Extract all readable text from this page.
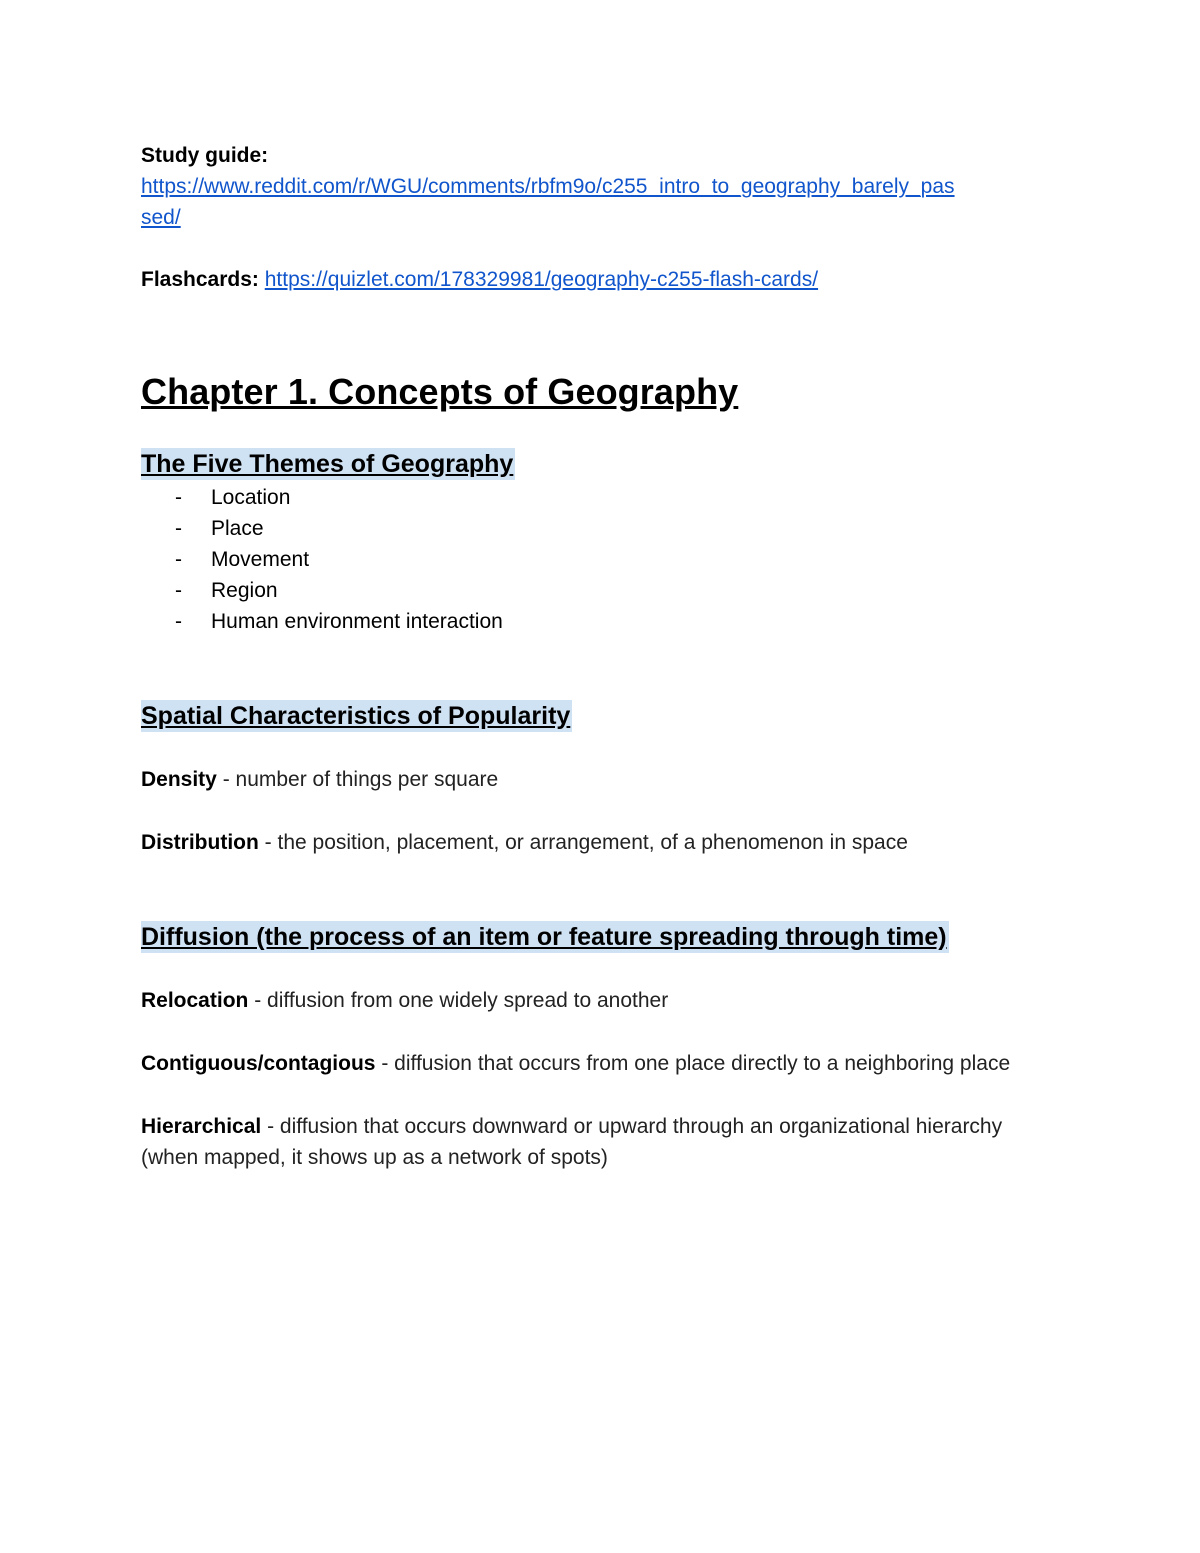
Study guide:

https://www.reddit.com/r/WGU/comments/rbfm9o/c255_intro_to_geography_barely_pas
sed/

Flashcards: https://quizlet.com/178329981/geography-c255-flash-cards/

Chapter 1. Concepts of Geography
The Five Themes of Geography
- Location
- Place
- Movement
- Region
- Human environment interaction
Spatial Characteristics of Popularity

Density - number of things per square

Distribution - the position, placement, or arrangement, of a phenomenon in space

Diffusion (the process of an item or feature spreading through time)

Relocation - diffusion from one widely spread to another

Contiguous/contagious - diffusion that occurs from one place directly to a neighboring place

Hierarchical - diffusion that occurs downward or upward through an organizational hierarchy (when mapped, it shows up as a network of spots)
